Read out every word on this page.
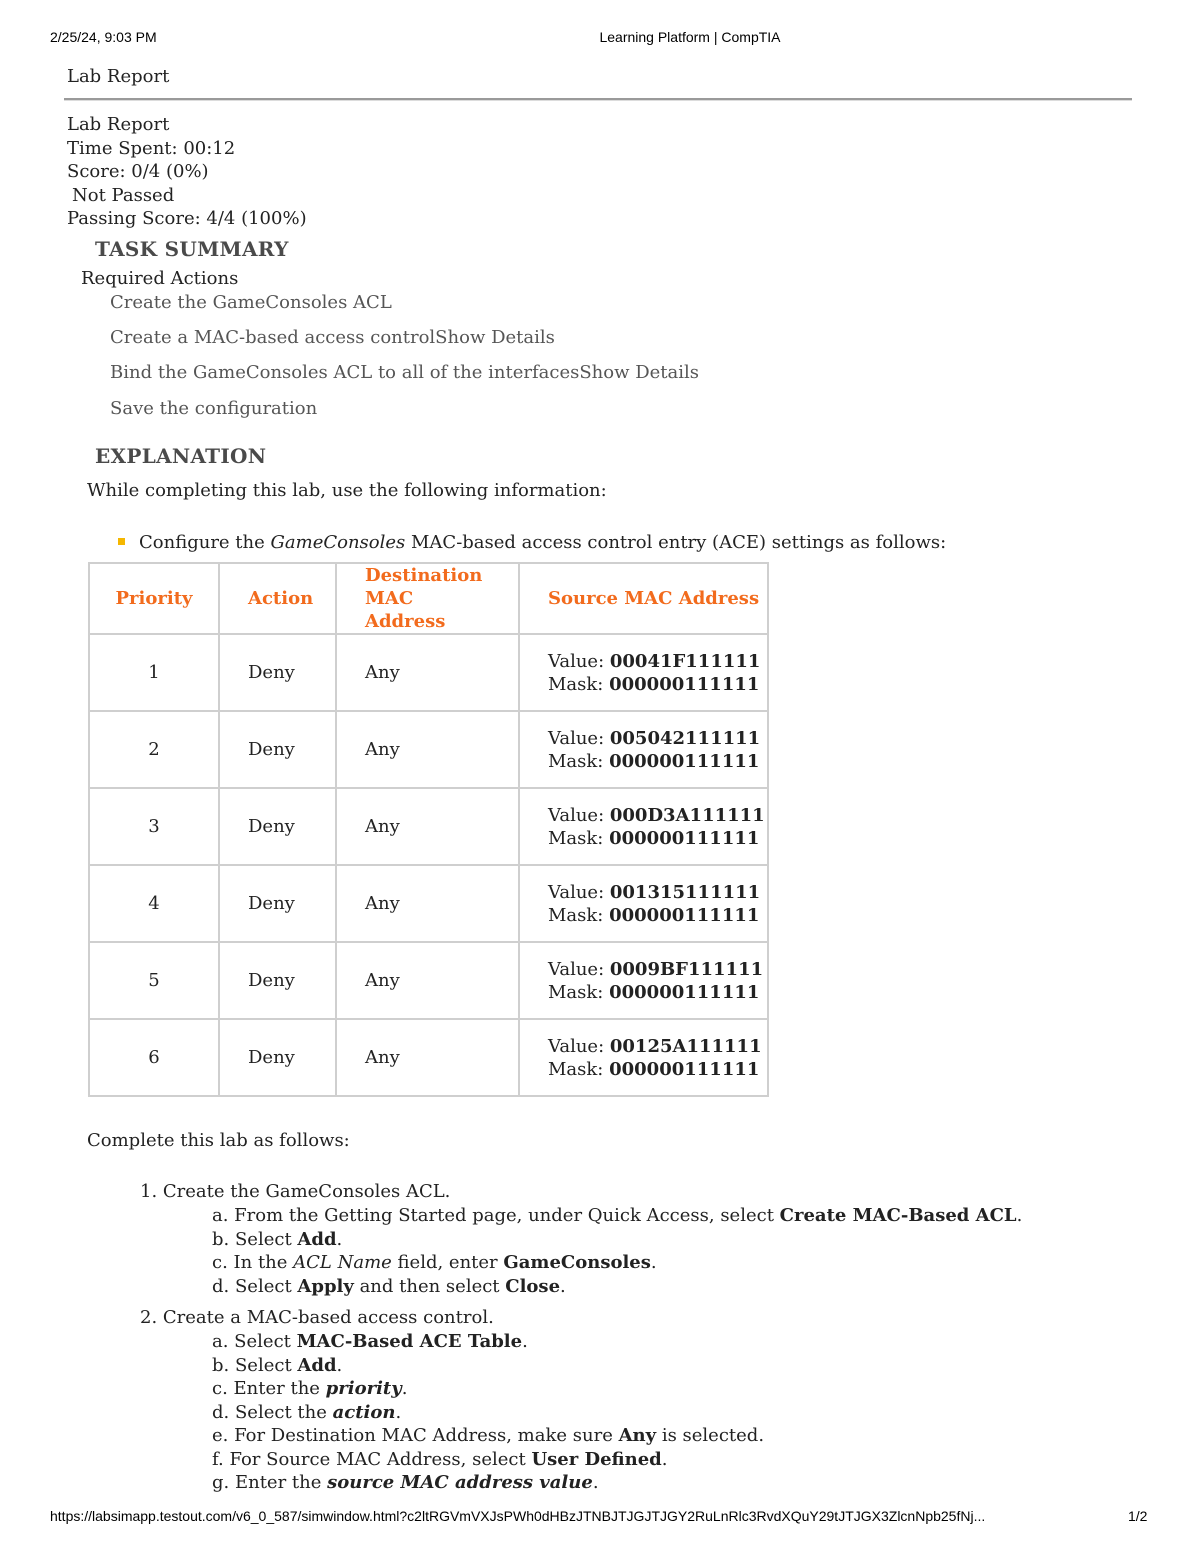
2/25/24, 9:03 PM	Learning Platform | CompTIA
Lab Report
Lab Report
Time Spent: 00:12
Score: 0/4 (0%)
Not Passed
Passing Score: 4/4 (100%)
TASK SUMMARY
Required Actions
Create the GameConsoles ACL
Create a MAC-based access controlShow Details
Bind the GameConsoles ACL to all of the interfacesShow Details
Save the configuration
EXPLANATION
While completing this lab, use the following information:
Configure the GameConsoles MAC-based access control entry (ACE) settings as follows:
Priority	Action	Destination MAC Address	Source MAC Address
1	Deny	Any	Value: 00041F111111
Mask: 000000111111

2	Deny	Any	Value: 005042111111
Mask: 000000111111

3	Deny	Any	Value: 000D3A111111
Mask: 000000111111

4	Deny	Any	Value: 001315111111
Mask: 000000111111

5	Deny	Any	Value: 0009BF111111
Mask: 000000111111

6	Deny	Any	Value: 00125A111111
Mask: 000000111111
Complete this lab as follows:
1. Create the GameConsoles ACL.
a. From the Getting Started page, under Quick Access, select Create MAC-Based ACL.
b. Select Add.
c. In the ACL Name field, enter GameConsoles.
d. Select Apply and then select Close.
2. Create a MAC-based access control.
a. Select MAC-Based ACE Table.
b. Select Add.
c. Enter the priority.
d. Select the action.
e. For Destination MAC Address, make sure Any is selected.
f. For Source MAC Address, select User Defined.
g. Enter the source MAC address value.
https://labsimapp.testout.com/v6_0_587/simwindow.html?c2ltRGVmVXJsPWh0dHBzJTNBJTJGJTJGY2RuLnRlc3RvdXQuY29tJTJGX3ZlcnNpb25fNj...	1/2
